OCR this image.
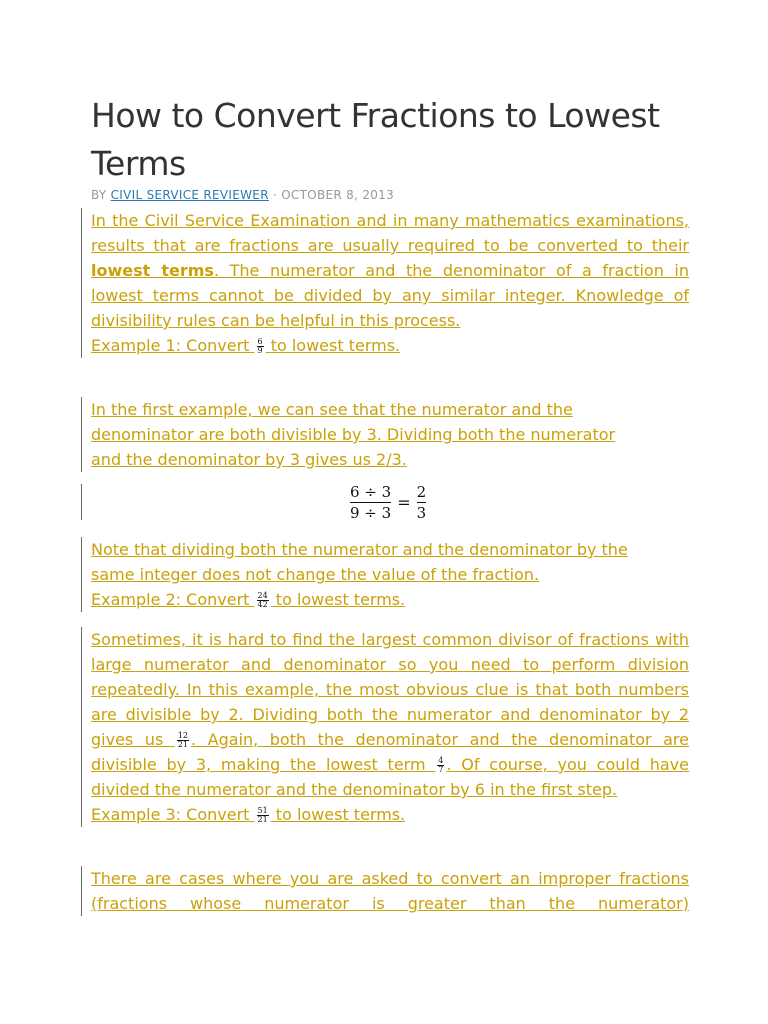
How to Convert Fractions to Lowest Terms
BY CIVIL SERVICE REVIEWER · OCTOBER 8, 2013

In the Civil Service Examination and in many mathematics examinations, results that are fractions are usually required to be converted to their lowest terms. The numerator and the denominator of a fraction in lowest terms cannot be divided by any similar integer. Knowledge of divisibility rules can be helpful in this process.

Example 1: Convert $\frac{6}{9}$ to lowest terms.

In the first example, we can see that the numerator and the denominator are both divisible by 3. Dividing both the numerator and the denominator by 3 gives us 2/3.

$\frac{6 \div 3}{9 \div 3} = \frac{2}{3}$

Note that dividing both the numerator and the denominator by the same integer does not change the value of the fraction.

Example 2: Convert $\frac{24}{42}$ to lowest terms.

Sometimes, it is hard to find the largest common divisor of fractions with large numerator and denominator so you need to perform division repeatedly. In this example, the most obvious clue is that both numbers are divisible by 2. Dividing both the numerator and denominator by 2 gives us $\frac{12}{21}$ . Again, both the denominator and the denominator are divisible by 3, making the lowest term $\frac{4}{7}$ . Of course, you could have divided the numerator and the denominator by 6 in the first step.

Example 3: Convert $\frac{51}{21}$ to lowest terms.

There are cases where you are asked to convert an improper fractions (fractions whose numerator is greater than the numerator)
